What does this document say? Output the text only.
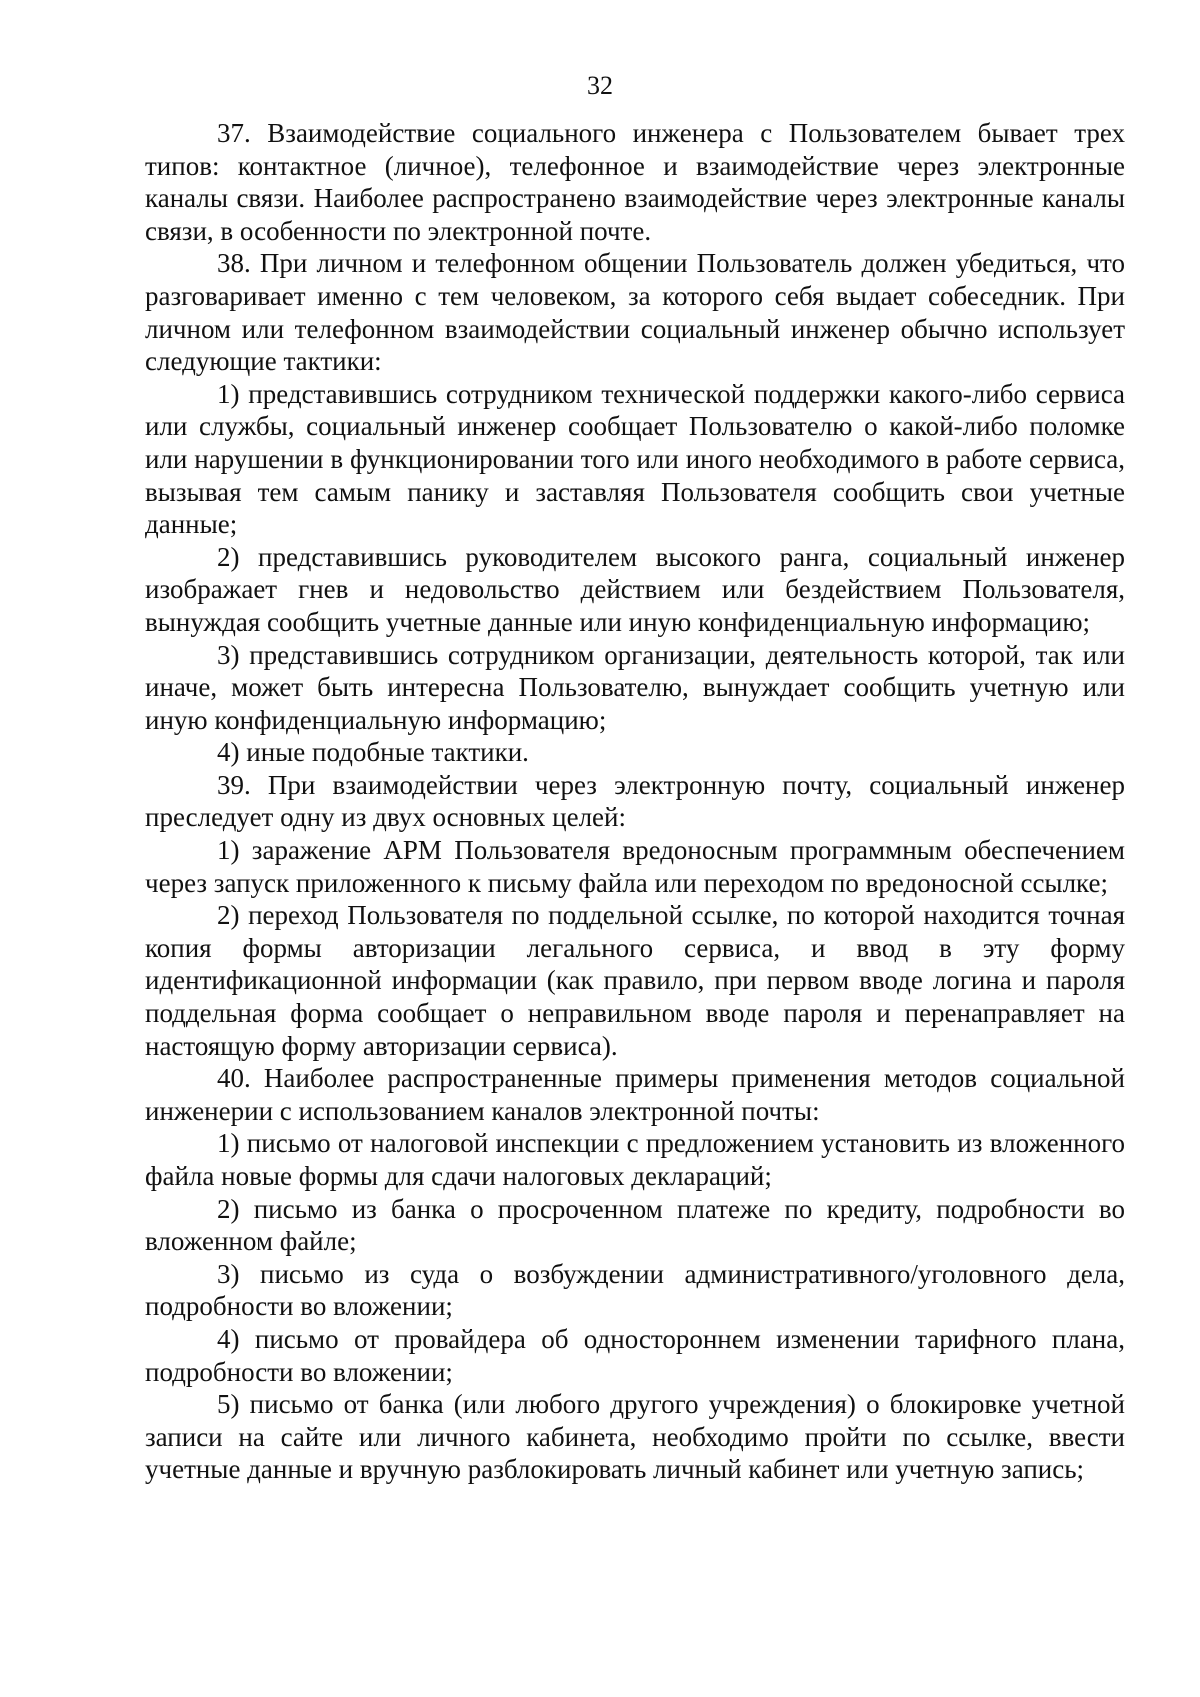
32

37. Взаимодействие социального инженера с Пользователем бывает трех типов: контактное (личное), телефонное и взаимодействие через электронные каналы связи. Наиболее распространено взаимодействие через электронные каналы связи, в особенности по электронной почте.

38. При личном и телефонном общении Пользователь должен убедиться, что разговаривает именно с тем человеком, за которого себя выдает собеседник. При личном или телефонном взаимодействии социальный инженер обычно использует следующие тактики:

1) представившись сотрудником технической поддержки какого-либо сервиса или службы, социальный инженер сообщает Пользователю о какой-либо поломке или нарушении в функционировании того или иного необходимого в работе сервиса, вызывая тем самым панику и заставляя Пользователя сообщить свои учетные данные;

2) представившись руководителем высокого ранга, социальный инженер изображает гнев и недовольство действием или бездействием Пользователя, вынуждая сообщить учетные данные или иную конфиденциальную информацию;

3) представившись сотрудником организации, деятельность которой, так или иначе, может быть интересна Пользователю, вынуждает сообщить учетную или иную конфиденциальную информацию;

4) иные подобные тактики.

39. При взаимодействии через электронную почту, социальный инженер преследует одну из двух основных целей:

1) заражение АРМ Пользователя вредоносным программным обеспечением через запуск приложенного к письму файла или переходом по вредоносной ссылке;

2) переход Пользователя по поддельной ссылке, по которой находится точная копия формы авторизации легального сервиса, и ввод в эту форму идентификационной информации (как правило, при первом вводе логина и пароля поддельная форма сообщает о неправильном вводе пароля и перенаправляет на настоящую форму авторизации сервиса).

40. Наиболее распространенные примеры применения методов социальной инженерии с использованием каналов электронной почты:

1) письмо от налоговой инспекции с предложением установить из вложенного файла новые формы для сдачи налоговых деклараций;

2) письмо из банка о просроченном платеже по кредиту, подробности во вложенном файле;

3) письмо из суда о возбуждении административного/уголовного дела, подробности во вложении;

4) письмо от провайдера об одностороннем изменении тарифного плана, подробности во вложении;

5) письмо от банка (или любого другого учреждения) о блокировке учетной записи на сайте или личного кабинета, необходимо пройти по ссылке, ввести учетные данные и вручную разблокировать личный кабинет или учетную запись;
